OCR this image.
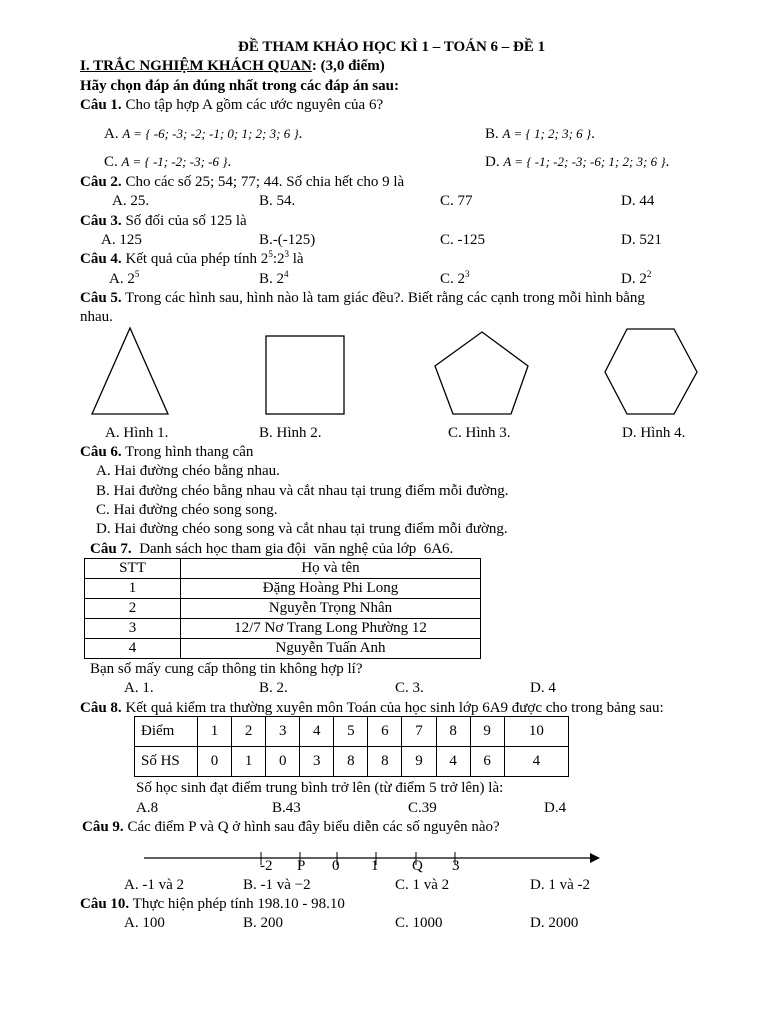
ĐỀ THAM KHẢO HỌC KÌ 1 – TOÁN 6 – ĐỀ 1
I. TRẮC NGHIỆM KHÁCH QUAN: (3,0 điểm)
Hãy chọn đáp án đúng nhất trong các đáp án sau:
Câu 1. Cho tập hợp A gồm các ước nguyên của 6?
A. A = { -6; -3; -2; -1; 0; 1; 2; 3; 6 }.	B. A = { 1; 2; 3; 6 }.
C. A = { -1; -2; -3; -6 }.	D. A = { -1; -2; -3; -6; 1; 2; 3; 6 }.
Câu 2. Cho các số 25; 54; 77; 44. Số chia hết cho 9 là
A. 25.	B. 54.	C. 77	D. 44
Câu 3. Số đối của số 125 là
A. 125	B.-(-125)	C. -125	D. 521
Câu 4. Kết quả của phép tính $2^5:2^3$ là
A. $2^5$	B. $2^4$	C. $2^3$	D. $2^2$
Câu 5. Trong các hình sau, hình nào là tam giác đều?. Biết rằng các cạnh trong mỗi hình bằng
nhau.
A. Hình 1.	B. Hình 2.	C. Hình 3.	D. Hình 4.
Câu 6. Trong hình thang cân
A. Hai đường chéo bằng nhau.
B. Hai đường chéo bằng nhau và cắt nhau tại trung điểm mỗi đường.
C. Hai đường chéo song song.
D. Hai đường chéo song song và cắt nhau tại trung điểm mỗi đường.
Câu 7.  Danh sách học tham gia đội  văn nghệ của lớp  6A6.
STT	Họ và tên
1	Đặng Hoàng Phi Long
2	Nguyễn Trọng Nhân
3	12/7 Nơ Trang Long Phường 12
4	Nguyễn Tuấn Anh
Bạn số mấy cung cấp thông tin không hợp lí?
A. 1.	B. 2.	C. 3.	D. 4
Câu 8. Kết quả kiểm tra thường xuyên môn Toán của học sinh lớp 6A9 được cho trong bảng sau:
Điểm	1	2	3	4	5	6	7	8	9	10
Số HS	0	1	0	3	8	8	9	4	6	4
Số học sinh đạt điểm trung bình trở lên (từ điểm 5 trở lên) là:
A.8	B.43	C.39	D.4
Câu 9. Các điểm P và Q ở hình sau đây biểu diễn các số nguyên nào?
-2 P 0 1 Q 3
A. -1 và 2	B. -1 và −2	C. 1 và 2	D. 1 và -2
Câu 10. Thực hiện phép tính 198.10 - 98.10
A. 100	B. 200	C. 1000	D. 2000
